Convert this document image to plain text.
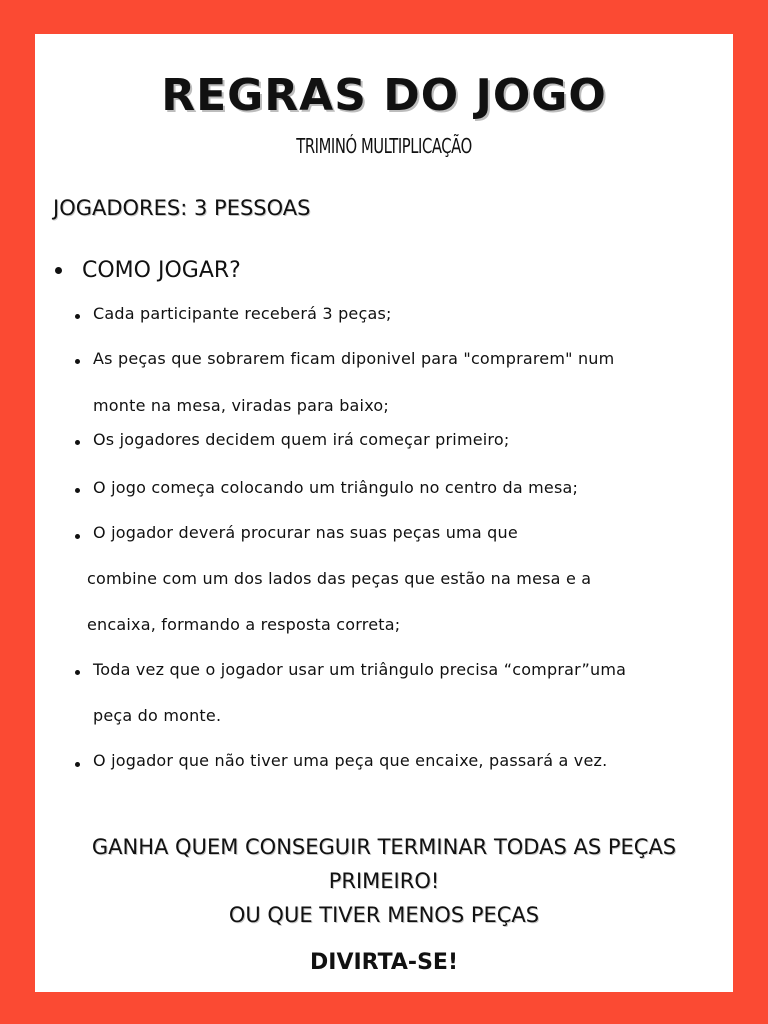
REGRAS DO JOGO
TRIMINÓ MULTIPLICAÇÃO
JOGADORES: 3 PESSOAS
COMO JOGAR?
Cada participante receberá 3 peças;
As peças que sobrarem ficam diponivel para "comprarem" num
monte na mesa, viradas para baixo;
Os jogadores decidem quem irá começar primeiro;
O jogo começa colocando um triângulo no centro da mesa;
O jogador deverá procurar nas suas peças uma que
combine com um dos lados das peças que estão na mesa e a
encaixa, formando a resposta correta;
Toda vez que o jogador usar um triângulo precisa “comprar”uma
peça do monte.
O jogador que não tiver uma peça que encaixe, passará a vez.
GANHA QUEM CONSEGUIR TERMINAR TODAS AS PEÇAS
PRIMEIRO!
OU QUE TIVER MENOS PEÇAS
DIVIRTA-SE!
